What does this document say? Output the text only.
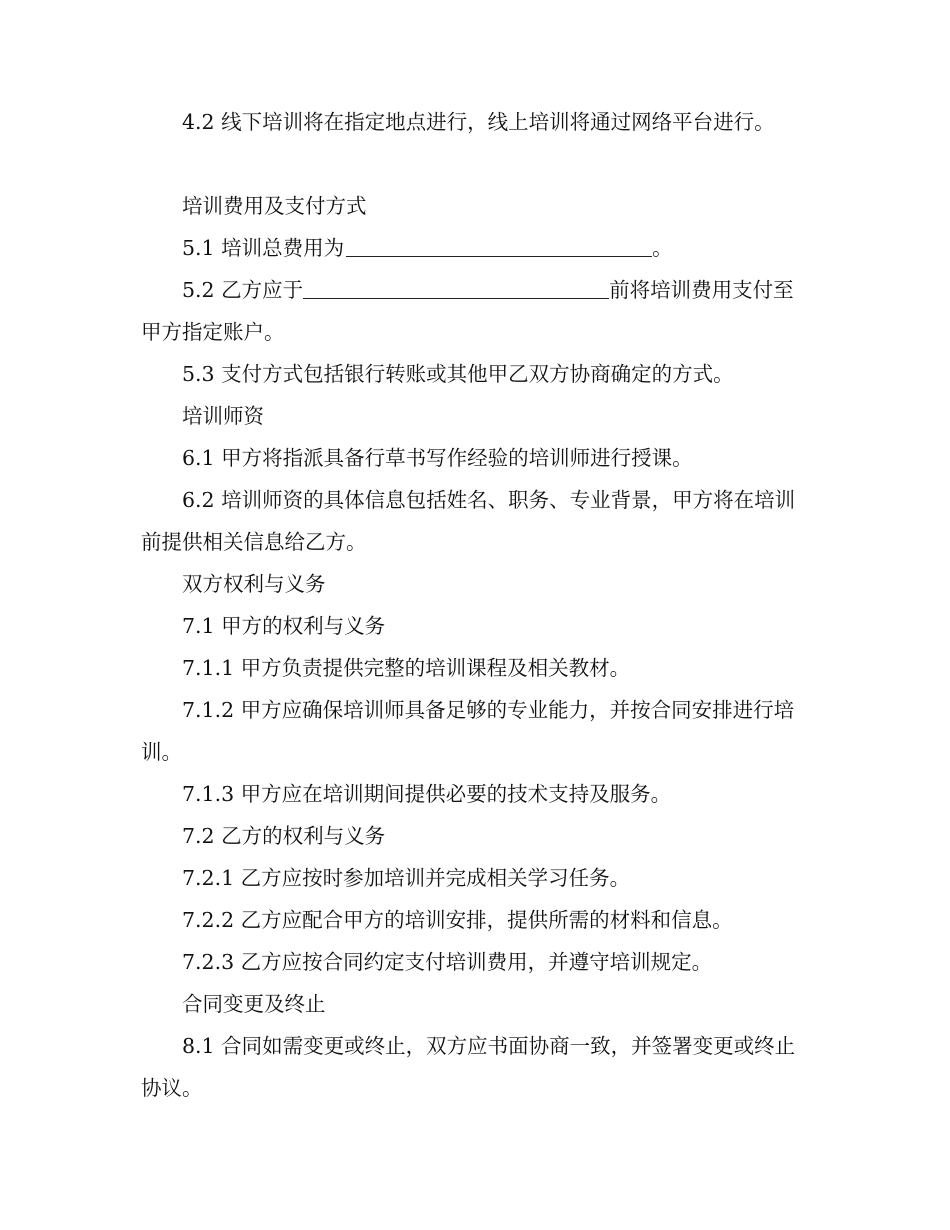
4.2 线下培训将在指定地点进行，线上培训将通过网络平台进行。

培训费用及支付方式

5.1 培训总费用为	。

5.2 乙方应于	前将培训费用支付至甲方指定账户。

5.3 支付方式包括银行转账或其他甲乙双方协商确定的方式。

培训师资

6.1 甲方将指派具备行草书写作经验的培训师进行授课。

6.2 培训师资的具体信息包括姓名、职务、专业背景，甲方将在培训前提供相关信息给乙方。

双方权利与义务

7.1 甲方的权利与义务

7.1.1 甲方负责提供完整的培训课程及相关教材。

7.1.2 甲方应确保培训师具备足够的专业能力，并按合同安排进行培训。

7.1.3 甲方应在培训期间提供必要的技术支持及服务。

7.2 乙方的权利与义务

7.2.1 乙方应按时参加培训并完成相关学习任务。

7.2.2 乙方应配合甲方的培训安排，提供所需的材料和信息。

7.2.3 乙方应按合同约定支付培训费用，并遵守培训规定。

合同变更及终止

8.1 合同如需变更或终止，双方应书面协商一致，并签署变更或终止协议。
